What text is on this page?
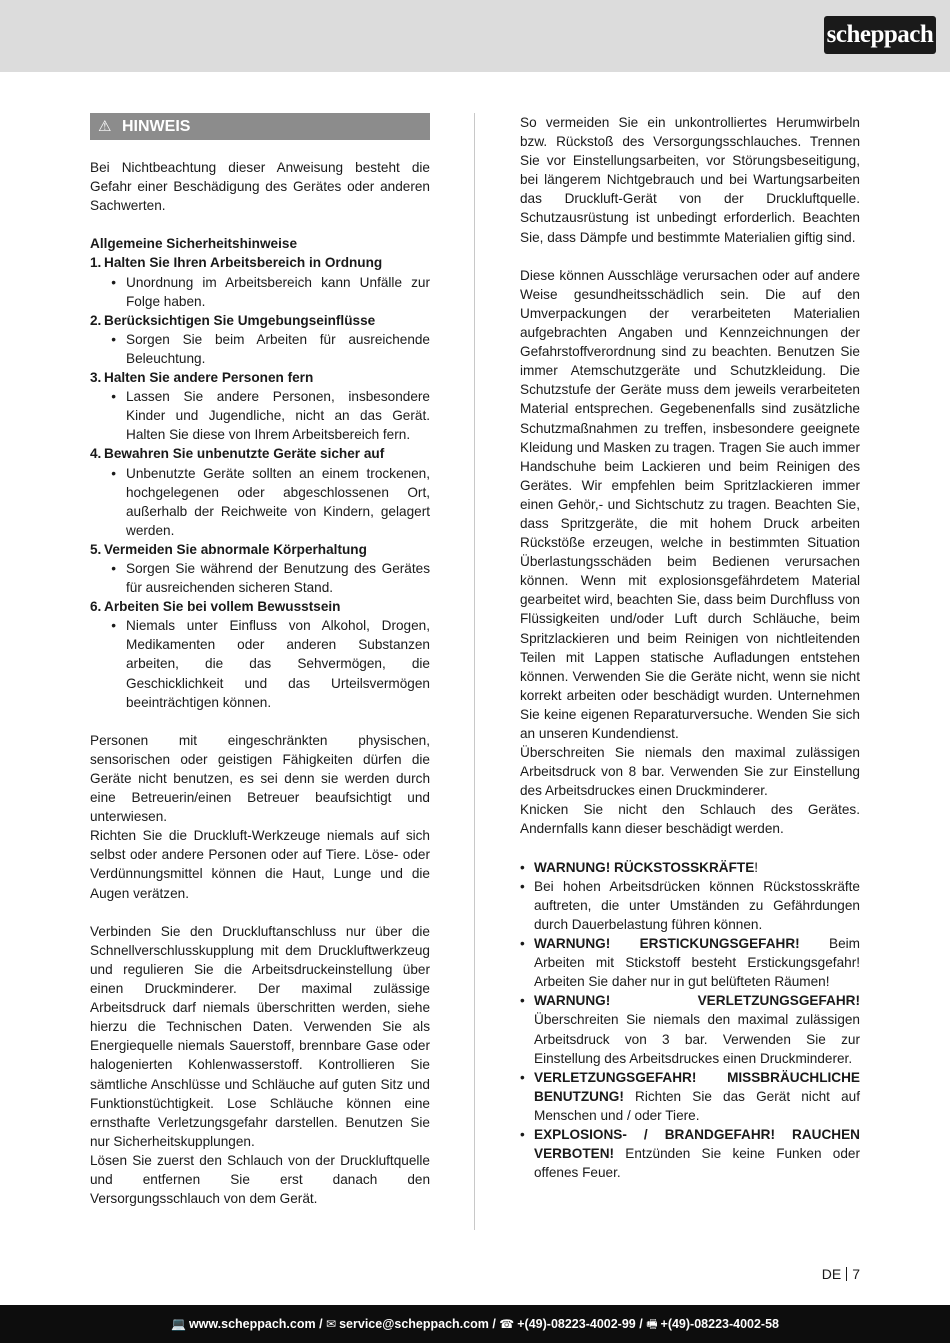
scheppach
⚠ HINWEIS

Bei Nichtbeachtung dieser Anweisung besteht die Gefahr einer Beschädigung des Gerätes oder anderen Sachwerten.

Allgemeine Sicherheitshinweise

1. Halten Sie Ihren Arbeitsbereich in Ordnung
• Unordnung im Arbeitsbereich kann Unfälle zur Folge haben.
2. Berücksichtigen Sie Umgebungseinflüsse
• Sorgen Sie beim Arbeiten für ausreichende Beleuchtung.
3. Halten Sie andere Personen fern
• Lassen Sie andere Personen, insbesondere Kinder und Jugendliche, nicht an das Gerät. Halten Sie diese von Ihrem Arbeitsbereich fern.
4. Bewahren Sie unbenutzte Geräte sicher auf
• Unbenutzte Geräte sollten an einem trockenen, hochgelegenen oder abgeschlossenen Ort, außerhalb der Reichweite von Kindern, gelagert werden.
5. Vermeiden Sie abnormale Körperhaltung
• Sorgen Sie während der Benutzung des Gerätes für ausreichenden sicheren Stand.
6. Arbeiten Sie bei vollem Bewusstsein
• Niemals unter Einfluss von Alkohol, Drogen, Medikamenten oder anderen Substanzen arbeiten, die das Sehvermögen, die Geschicklichkeit und das Urteilsvermögen beeinträchtigen können.

Personen mit eingeschränkten physischen, sensorischen oder geistigen Fähigkeiten dürfen die Geräte nicht benutzen, es sei denn sie werden durch eine Betreuerin/einen Betreuer beaufsichtigt und unterwiesen.

Richten Sie die Druckluft-Werkzeuge niemals auf sich selbst oder andere Personen oder auf Tiere. Löse- oder Verdünnungsmittel können die Haut, Lunge und die Augen verätzen.

Verbinden Sie den Druckluftanschluss nur über die Schnellverschlusskupplung mit dem Druckluftwerkzeug und regulieren Sie die Arbeitsdruckeinstellung über einen Druckminderer. Der maximal zulässige Arbeitsdruck darf niemals überschritten werden, siehe hierzu die Technischen Daten. Verwenden Sie als Energiequelle niemals Sauerstoff, brennbare Gase oder halogenierten Kohlenwasserstoff. Kontrollieren Sie sämtliche Anschlüsse und Schläuche auf guten Sitz und Funktionstüchtigkeit. Lose Schläuche können eine ernsthafte Verletzungsgefahr darstellen. Benutzen Sie nur Sicherheitskupplungen.

Lösen Sie zuerst den Schlauch von der Druckluftquelle und entfernen Sie erst danach den Versorgungsschlauch von dem Gerät.

So vermeiden Sie ein unkontrolliertes Herumwirbeln bzw. Rückstoß des Versorgungsschlauches. Trennen Sie vor Einstellungsarbeiten, vor Störungsbeseitigung, bei längerem Nichtgebrauch und bei Wartungsarbeiten das Druckluft-Gerät von der Druckluftquelle. Schutzausrüstung ist unbedingt erforderlich. Beachten Sie, dass Dämpfe und bestimmte Materialien giftig sind.

Diese können Ausschläge verursachen oder auf andere Weise gesundheitsschädlich sein. Die auf den Umverpackungen der verarbeiteten Materialien aufgebrachten Angaben und Kennzeichnungen der Gefahrstoffverordnung sind zu beachten. Benutzen Sie immer Atemschutzgeräte und Schutzkleidung. Die Schutzstufe der Geräte muss dem jeweils verarbeiteten Material entsprechen. Gegebenenfalls sind zusätzliche Schutzmaßnahmen zu treffen, insbesondere geeignete Kleidung und Masken zu tragen. Tragen Sie auch immer Handschuhe beim Lackieren und beim Reinigen des Gerätes. Wir empfehlen beim Spritzlackieren immer einen Gehör,- und Sichtschutz zu tragen. Beachten Sie, dass Spritzgeräte, die mit hohem Druck arbeiten Rückstöße erzeugen, welche in bestimmten Situation Überlastungsschäden beim Bedienen verursachen können. Wenn mit explosionsgefährdetem Material gearbeitet wird, beachten Sie, dass beim Durchfluss von Flüssigkeiten und/oder Luft durch Schläuche, beim Spritzlackieren und beim Reinigen von nichtleitenden Teilen mit Lappen statische Aufladungen entstehen können. Verwenden Sie die Geräte nicht, wenn sie nicht korrekt arbeiten oder beschädigt wurden. Unternehmen Sie keine eigenen Reparaturversuche. Wenden Sie sich an unseren Kundendienst.

Überschreiten Sie niemals den maximal zulässigen Arbeitsdruck von 8 bar. Verwenden Sie zur Einstellung des Arbeitsdruckes einen Druckminderer.

Knicken Sie nicht den Schlauch des Gerätes. Andernfalls kann dieser beschädigt werden.

• WARNUNG! RÜCKSTOSSKRÄFTE!
• Bei hohen Arbeitsdrücken können Rückstosskräfte auftreten, die unter Umständen zu Gefährdungen durch Dauerbelastung führen können.
• WARNUNG! ERSTICKUNGSGEFAHR! Beim Arbeiten mit Stickstoff besteht Erstickungsgefahr! Arbeiten Sie daher nur in gut belüfteten Räumen!
• WARNUNG! VERLETZUNGSGEFAHR! Überschreiten Sie niemals den maximal zulässigen Arbeitsdruck von 3 bar. Verwenden Sie zur Einstellung des Arbeitsdruckes einen Druckminderer.
• VERLETZUNGSGEFAHR! MISSBRÄUCHLICHE BENUTZUNG! Richten Sie das Gerät nicht auf Menschen und / oder Tiere.
• EXPLOSIONS- / BRANDGEFAHR! RAUCHEN VERBOTEN! Entzünden Sie keine Funken oder offenes Feuer.
DE 7
💻 www.scheppach.com / ✉ service@scheppach.com / ☎ +(49)-08223-4002-99 / 🖷 +(49)-08223-4002-58
